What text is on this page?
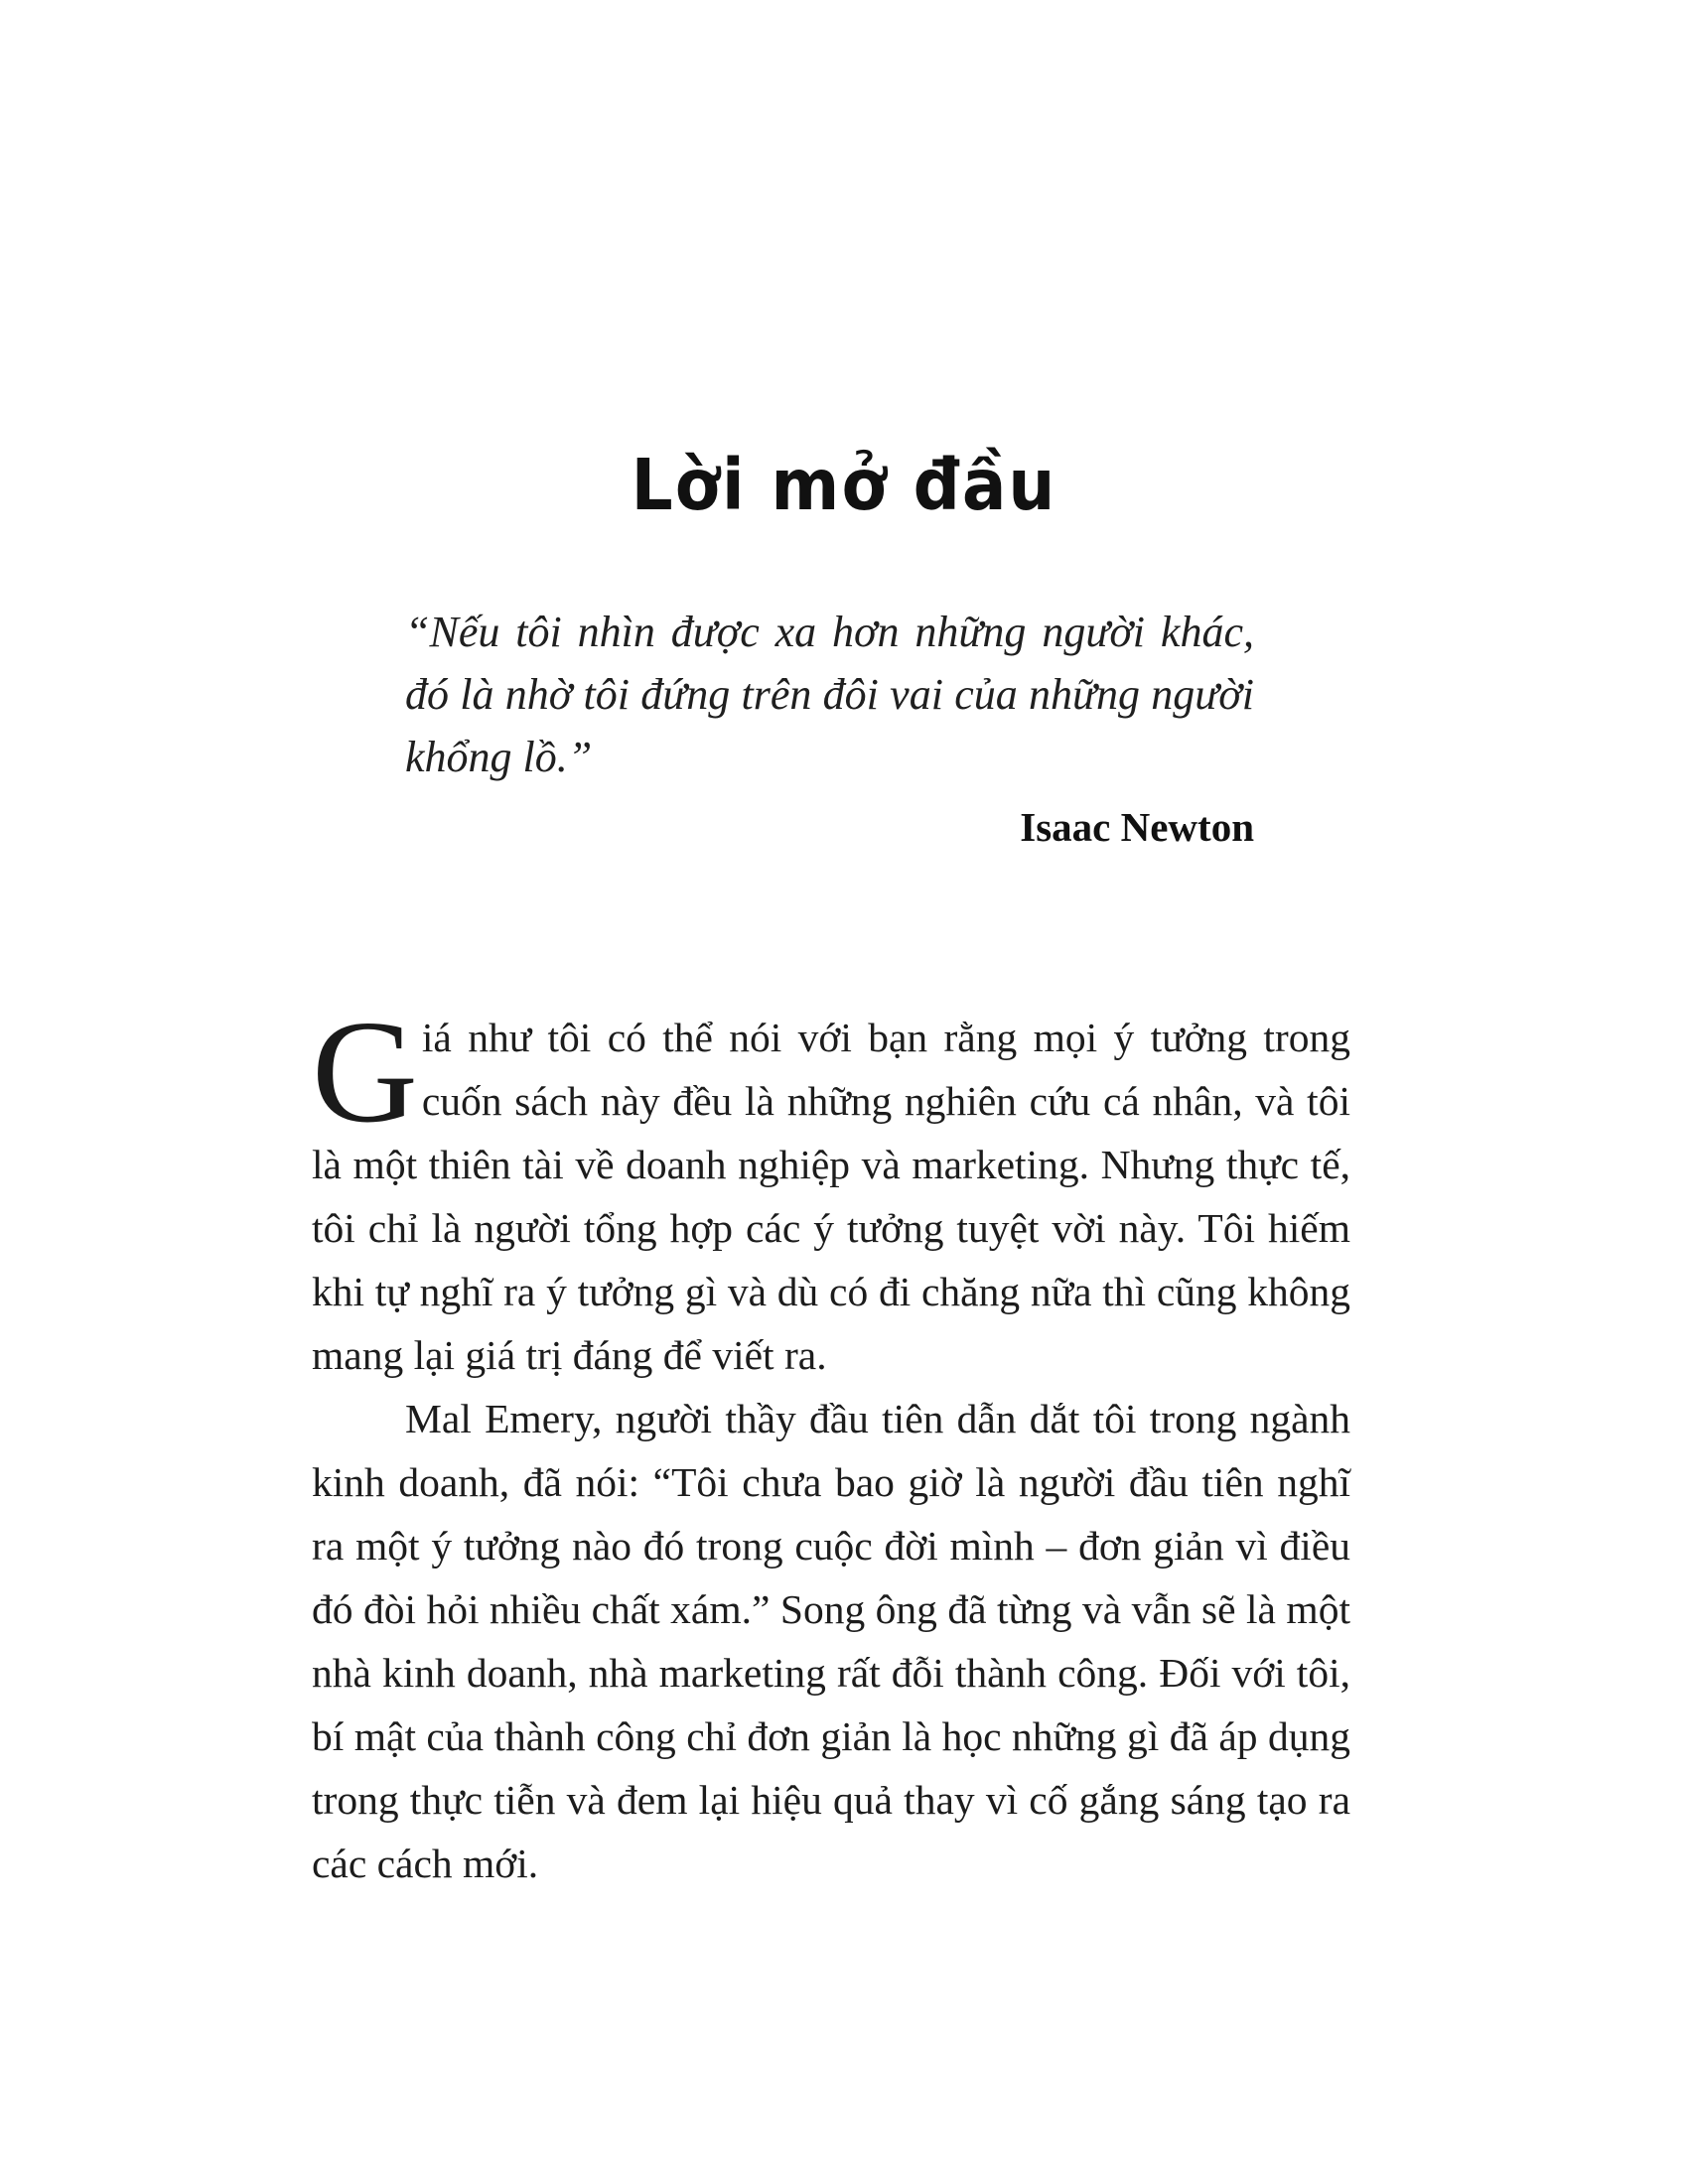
Lời mở đầu

“Nếu tôi nhìn được xa hơn những người khác, đó là nhờ tôi đứng trên đôi vai của những người khổng lồ.”

Isaac Newton

Giá như tôi có thể nói với bạn rằng mọi ý tưởng trong cuốn sách này đều là những nghiên cứu cá nhân, và tôi là một thiên tài về doanh nghiệp và marketing. Nhưng thực tế, tôi chỉ là người tổng hợp các ý tưởng tuyệt vời này. Tôi hiếm khi tự nghĩ ra ý tưởng gì và dù có đi chăng nữa thì cũng không mang lại giá trị đáng để viết ra.

Mal Emery, người thầy đầu tiên dẫn dắt tôi trong ngành kinh doanh, đã nói: “Tôi chưa bao giờ là người đầu tiên nghĩ ra một ý tưởng nào đó trong cuộc đời mình – đơn giản vì điều đó đòi hỏi nhiều chất xám.” Song ông đã từng và vẫn sẽ là một nhà kinh doanh, nhà marketing rất đỗi thành công. Đối với tôi, bí mật của thành công chỉ đơn giản là học những gì đã áp dụng trong thực tiễn và đem lại hiệu quả thay vì cố gắng sáng tạo ra các cách mới.
